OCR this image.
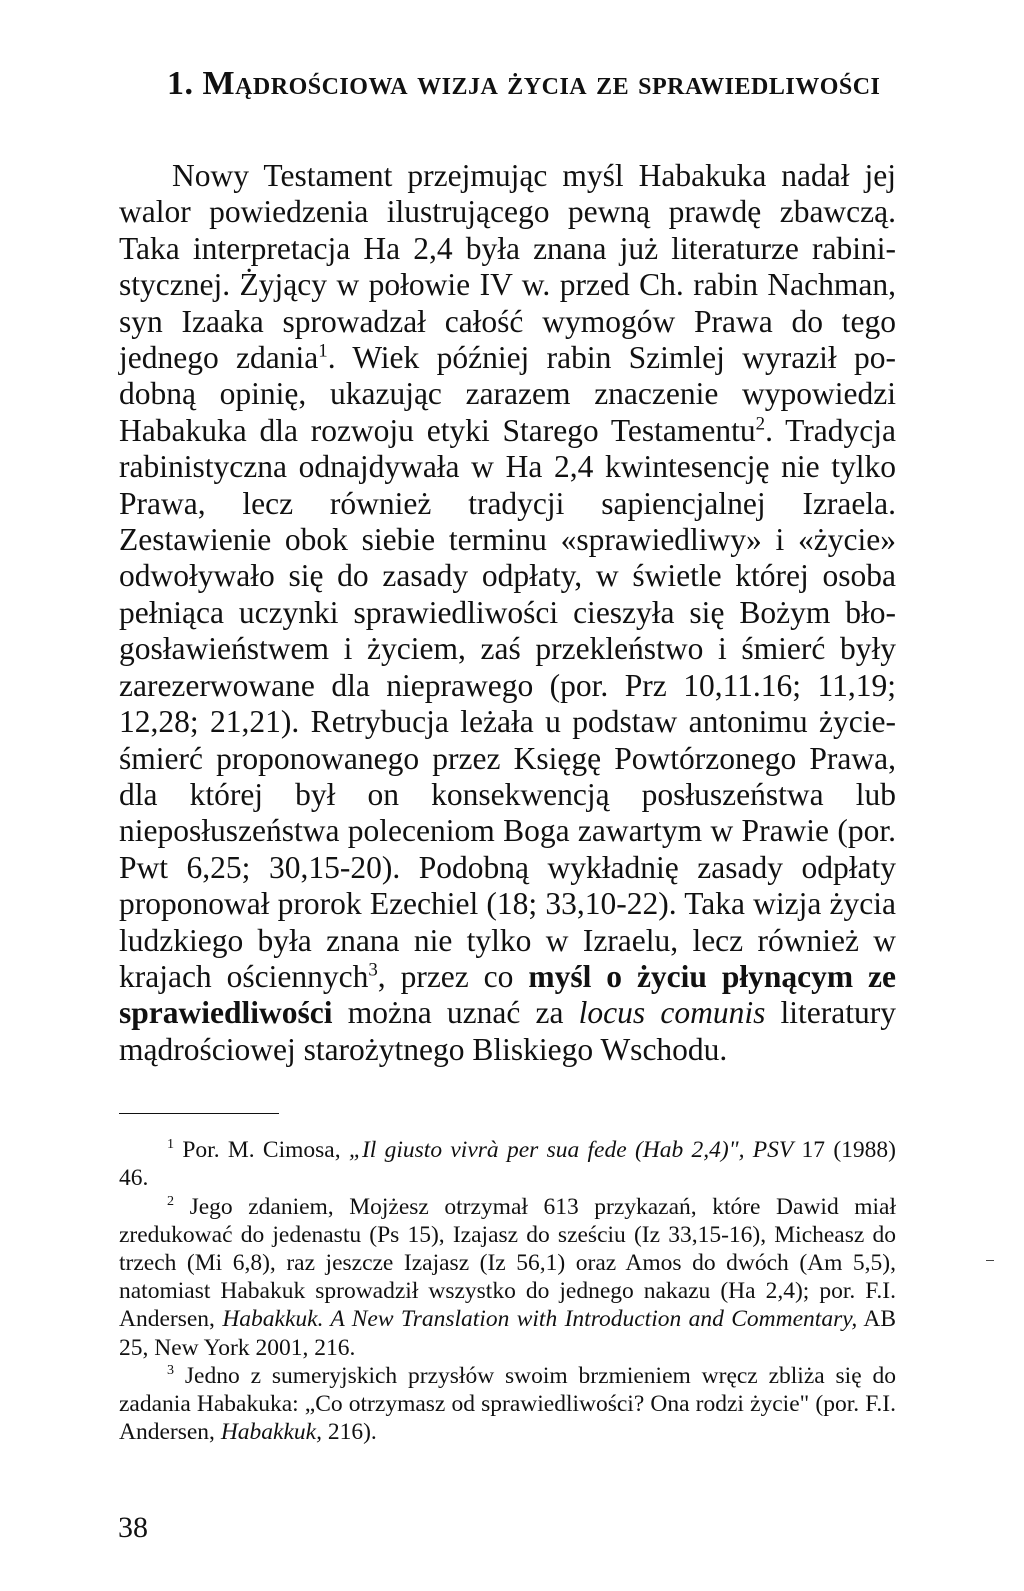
1. Mądrościowa wizja życia ze sprawiedliwości

Nowy Testament przejmując myśl Habakuka nadał jej walor powiedzenia ilustrującego pewną prawdę zbawczą. Taka interpretacja Ha 2,4 była znana już literaturze rabinistycznej. Żyjący w połowie IV w. przed Ch. rabin Nachman, syn Izaaka sprowadzał całość wymogów Prawa do tego jednego zdania$^1$. Wiek później rabin Szimlej wyraził podobną opinię, ukazując zarazem znaczenie wypowiedzi Habakuka dla rozwoju etyki Starego Testamentu$^2$. Tradycja rabinistyczna odnajdywała w Ha 2,4 kwintesencję nie tylko Prawa, lecz również tradycji sapiencjalnej Izraela. Zestawienie obok siebie terminu «sprawiedliwy» i «życie» odwoływało się do zasady odpłaty, w świetle której osoba pełniąca uczynki sprawiedliwości cieszyła się Bożym błogosławieństwem i życiem, zaś przekleństwo i śmierć były zarezerwowane dla nieprawego (por. Prz 10,11.16; 11,19; 12,28; 21,21). Retrybucja leżała u podstaw antonimu życie-śmierć proponowanego przez Księgę Powtórzonego Prawa, dla której był on konsekwencją posłuszeństwa lub nieposłuszeństwa poleceniom Boga zawartym w Prawie (por. Pwt 6,25; 30,15-20). Podobną wykładnię zasady odpłaty proponował prorok Ezechiel (18; 33,10-22). Taka wizja życia ludzkiego była znana nie tylko w Izraelu, lecz również w krajach ościennych$^3$, przez co myśl o życiu płynącym ze sprawiedliwości można uznać za locus comunis literatury mądrościowej starożytnego Bliskiego Wschodu.

$^1$ Por. M. Cimosa, „Il giusto vivrà per sua fede (Hab 2,4)", PSV 17 (1988) 46.

$^2$ Jego zdaniem, Mojżesz otrzymał 613 przykazań, które Dawid miał zredukować do jedenastu (Ps 15), Izajasz do sześciu (Iz 33,15-16), Micheasz do trzech (Mi 6,8), raz jeszcze Izajasz (Iz 56,1) oraz Amos do dwóch (Am 5,5), natomiast Habakuk sprowadził wszystko do jednego nakazu (Ha 2,4); por. F.I. Andersen, Habakkuk. A New Translation with Introduction and Commentary, AB 25, New York 2001, 216.

$^3$ Jedno z sumeryjskich przysłów swoim brzmieniem wręcz zbliża się do zadania Habakuka: „Co otrzymasz od sprawiedliwości? Ona rodzi życie" (por. F.I. Andersen, Habakkuk, 216).

38
